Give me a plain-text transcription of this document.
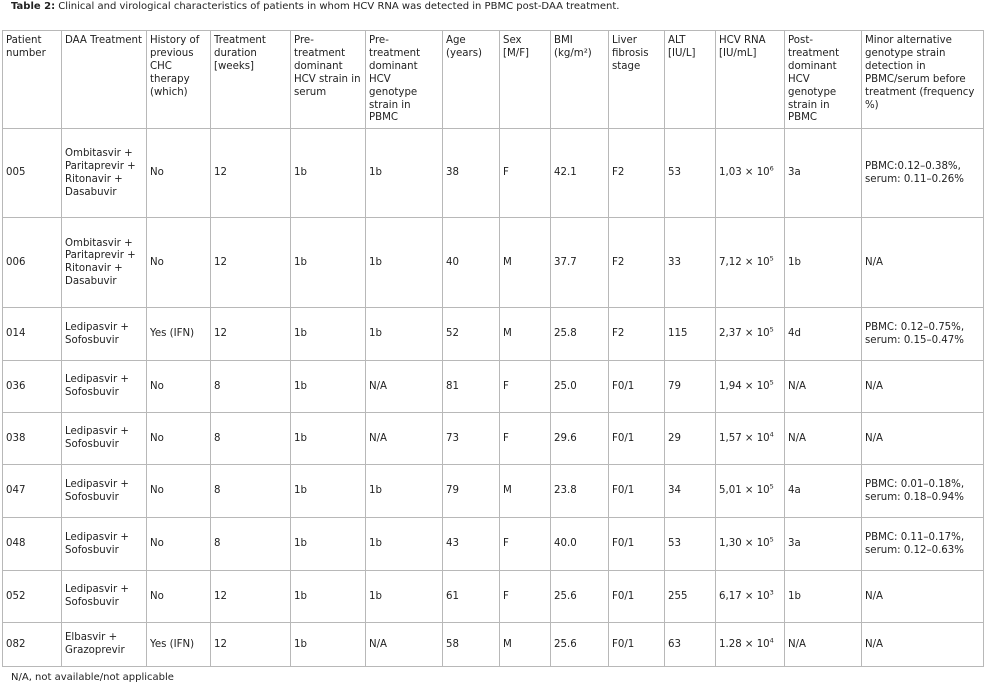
Table 2: Clinical and virological characteristics of patients in whom HCV RNA was detected in PBMC post-DAA treatment.
Patient number	DAA Treatment	History of previous CHC therapy (which)	Treatment duration [weeks]	Pre-treatment dominant HCV strain in serum	Pre-treatment dominant HCV genotype strain in PBMC	Age (years)	Sex [M/F]	BMI (kg/m²)	Liver fibrosis stage	ALT [IU/L]	HCV RNA [IU/mL]	Post-treatment dominant HCV genotype strain in PBMC	Minor alternative genotype strain detection in PBMC/serum before treatment (frequency %)
005	Ombitasvir + Paritaprevir + Ritonavir + Dasabuvir	No	12	1b	1b	38	F	42.1	F2	53	$1,03 \times 10^6$	3a	PBMC:0.12–0.38%, serum: 0.11–0.26%
006	Ombitasvir + Paritaprevir + Ritonavir + Dasabuvir	No	12	1b	1b	40	M	37.7	F2	33	$7,12 \times 10^5$	1b	N/A
014	Ledipasvir + Sofosbuvir	Yes (IFN)	12	1b	1b	52	M	25.8	F2	115	$2,37 \times 10^5$	4d	PBMC: 0.12–0.75%, serum: 0.15–0.47%
036	Ledipasvir + Sofosbuvir	No	8	1b	N/A	81	F	25.0	F0/1	79	$1,94 \times 10^5$	N/A	N/A
038	Ledipasvir + Sofosbuvir	No	8	1b	N/A	73	F	29.6	F0/1	29	$1,57 \times 10^4$	N/A	N/A
047	Ledipasvir + Sofosbuvir	No	8	1b	1b	79	M	23.8	F0/1	34	$5,01 \times 10^5$	4a	PBMC: 0.01–0.18%, serum: 0.18–0.94%
048	Ledipasvir + Sofosbuvir	No	8	1b	1b	43	F	40.0	F0/1	53	$1,30 \times 10^5$	3a	PBMC: 0.11–0.17%, serum: 0.12–0.63%
052	Ledipasvir + Sofosbuvir	No	12	1b	1b	61	F	25.6	F0/1	255	$6,17 \times 10^3$	1b	N/A
082	Elbasvir + Grazoprevir	Yes (IFN)	12	1b	N/A	58	M	25.6	F0/1	63	$1.28 \times 10^4$	N/A	N/A
N/A, not available/not applicable
